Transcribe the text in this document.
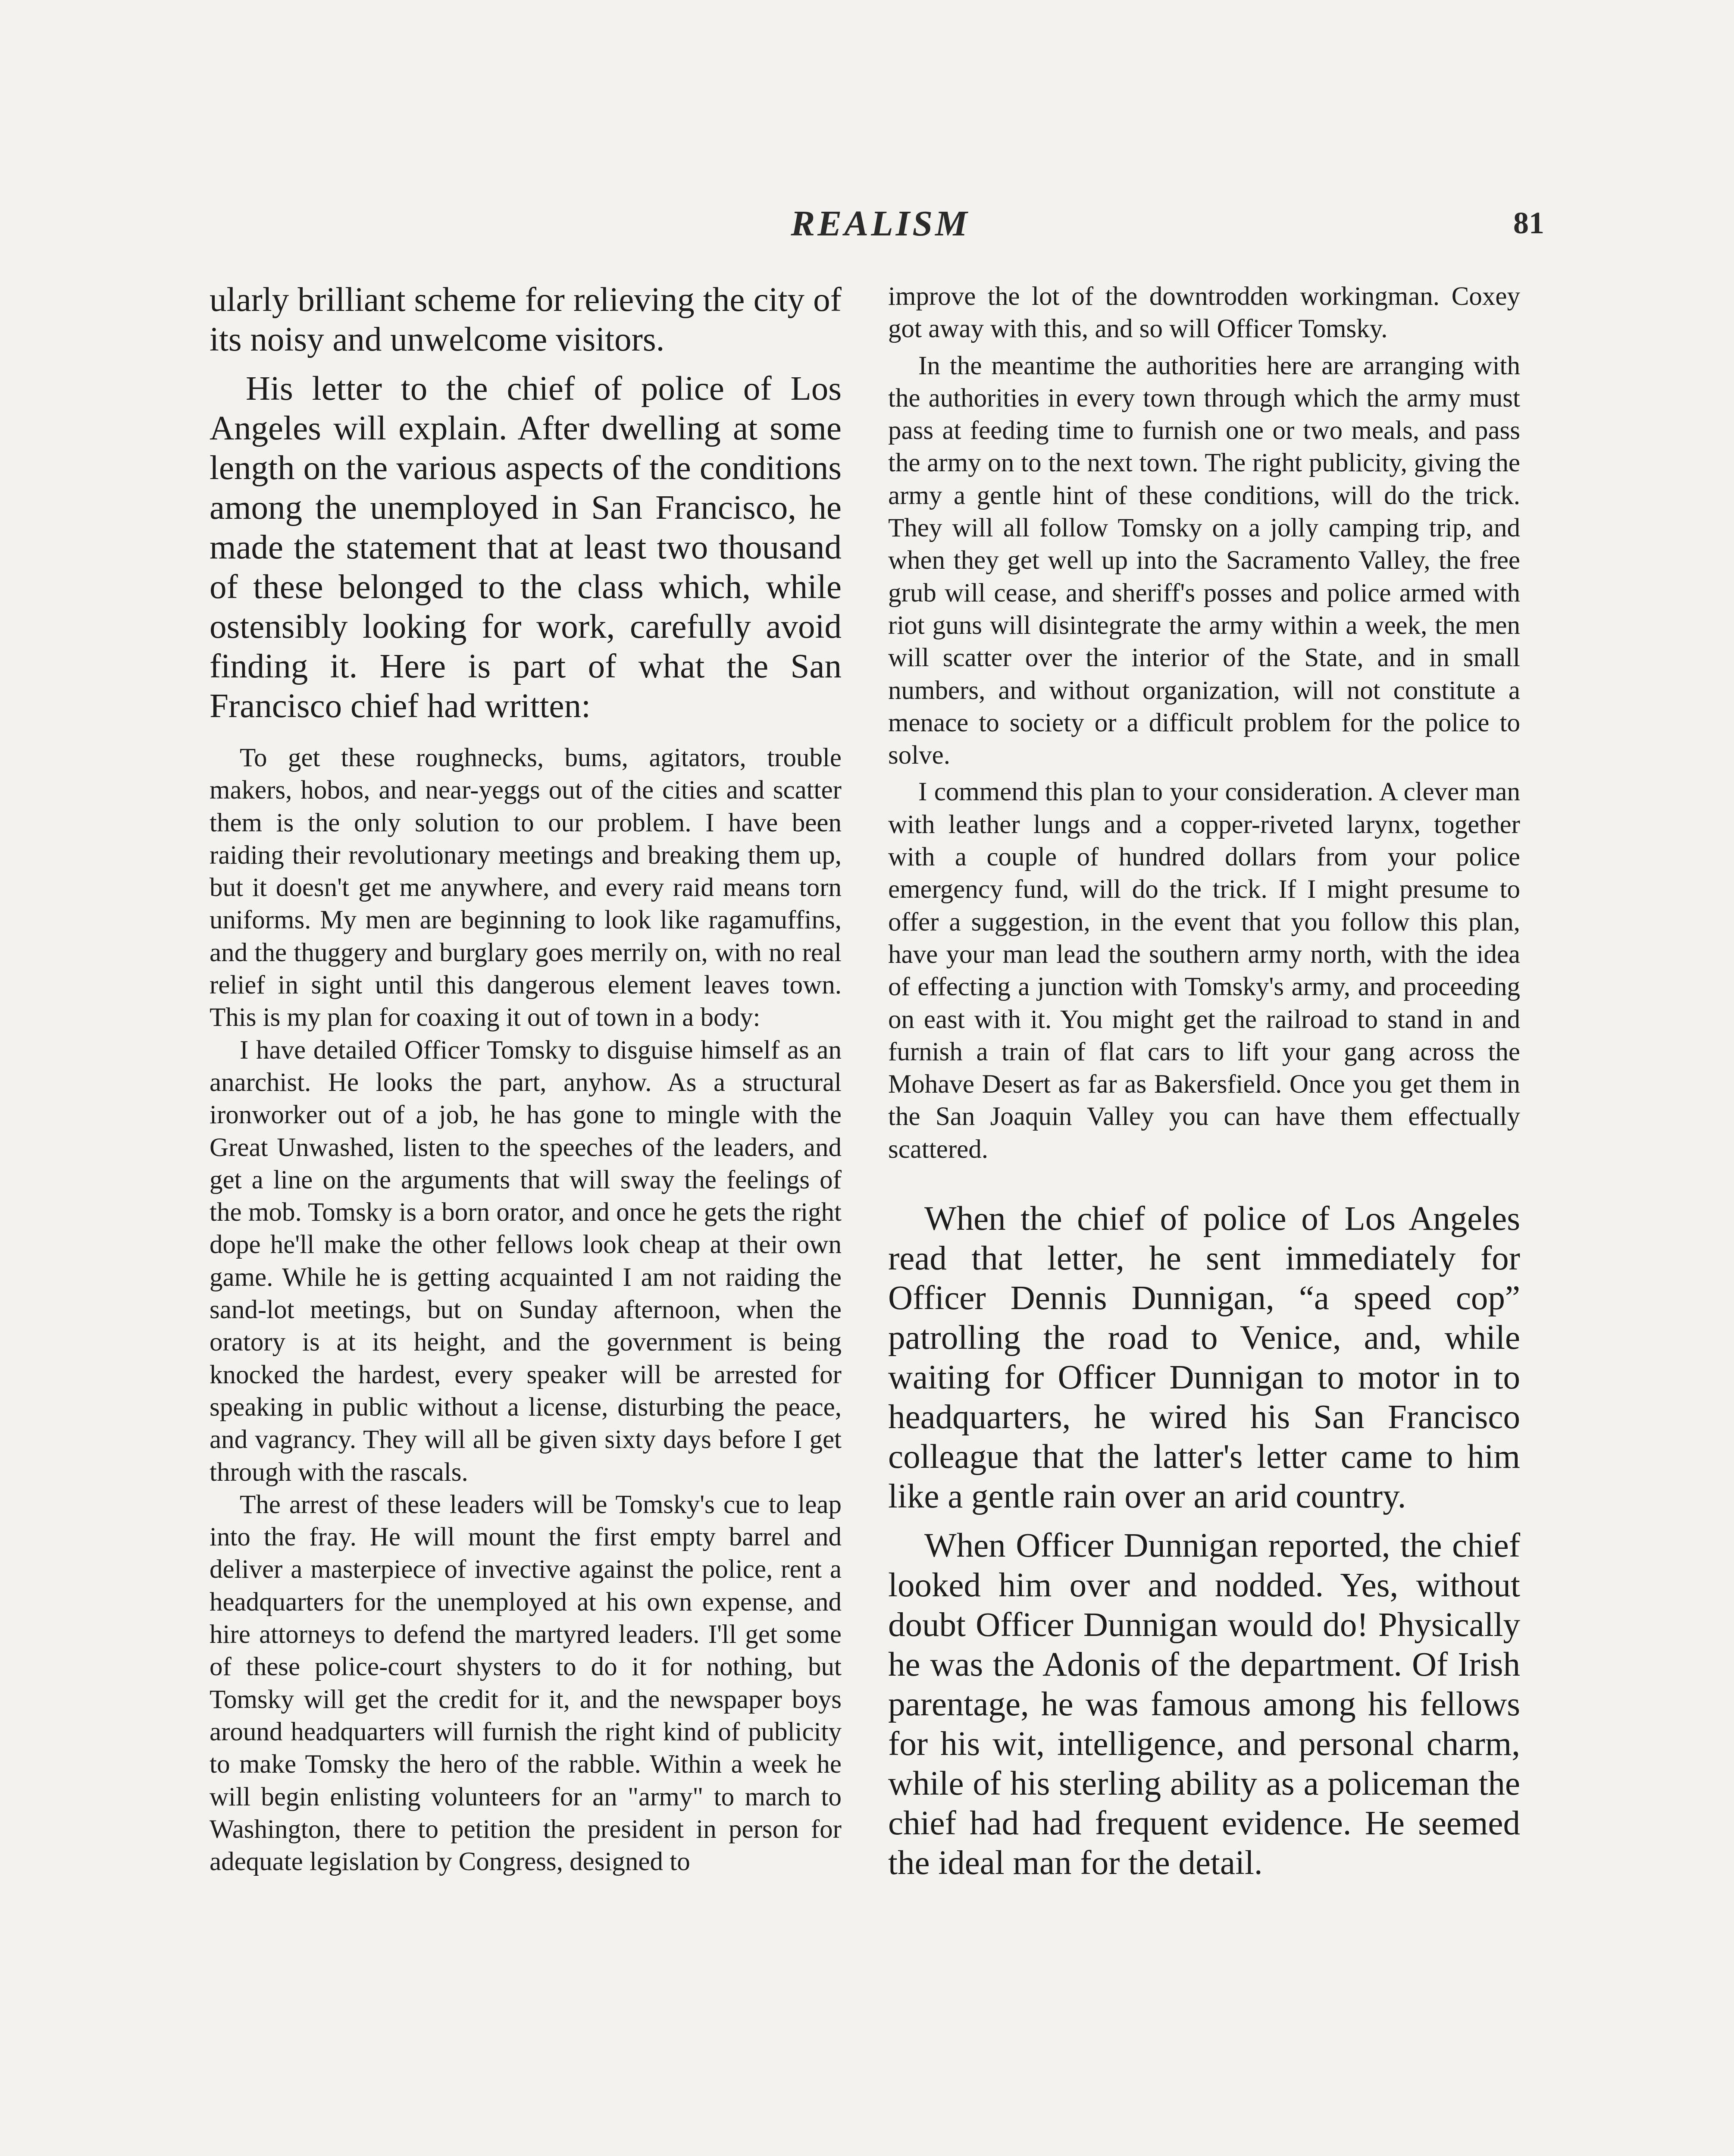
REALISM	81

ularly brilliant scheme for relieving the city of its noisy and unwelcome visitors.

His letter to the chief of police of Los Angeles will explain. After dwelling at some length on the various aspects of the conditions among the unemployed in San Francisco, he made the statement that at least two thousand of these belonged to the class which, while ostensibly looking for work, carefully avoid finding it. Here is part of what the San Francisco chief had written:

To get these roughnecks, bums, agitators, trouble makers, hobos, and near-yeggs out of the cities and scatter them is the only solution to our problem. I have been raiding their revolutionary meetings and breaking them up, but it doesn't get me anywhere, and every raid means torn uniforms. My men are beginning to look like ragamuffins, and the thuggery and burglary goes merrily on, with no real relief in sight until this dangerous element leaves town. This is my plan for coaxing it out of town in a body:

I have detailed Officer Tomsky to disguise himself as an anarchist. He looks the part, anyhow. As a structural ironworker out of a job, he has gone to mingle with the Great Unwashed, listen to the speeches of the leaders, and get a line on the arguments that will sway the feelings of the mob. Tomsky is a born orator, and once he gets the right dope he'll make the other fellows look cheap at their own game. While he is getting acquainted I am not raiding the sand-lot meetings, but on Sunday afternoon, when the oratory is at its height, and the government is being knocked the hardest, every speaker will be arrested for speaking in public without a license, disturbing the peace, and vagrancy. They will all be given sixty days before I get through with the rascals.

The arrest of these leaders will be Tomsky's cue to leap into the fray. He will mount the first empty barrel and deliver a masterpiece of invective against the police, rent a headquarters for the unemployed at his own expense, and hire attorneys to defend the martyred leaders. I'll get some of these police-court shysters to do it for nothing, but Tomsky will get the credit for it, and the newspaper boys around headquarters will furnish the right kind of publicity to make Tomsky the hero of the rabble. Within a week he will begin enlisting volunteers for an "army" to march to Washington, there to petition the president in person for adequate legislation by Congress, designed to

improve the lot of the downtrodden workingman. Coxey got away with this, and so will Officer Tomsky.

In the meantime the authorities here are arranging with the authorities in every town through which the army must pass at feeding time to furnish one or two meals, and pass the army on to the next town. The right publicity, giving the army a gentle hint of these conditions, will do the trick. They will all follow Tomsky on a jolly camping trip, and when they get well up into the Sacramento Valley, the free grub will cease, and sheriff's posses and police armed with riot guns will disintegrate the army within a week, the men will scatter over the interior of the State, and in small numbers, and without organization, will not constitute a menace to society or a difficult problem for the police to solve.

I commend this plan to your consideration. A clever man with leather lungs and a copper-riveted larynx, together with a couple of hundred dollars from your police emergency fund, will do the trick. If I might presume to offer a suggestion, in the event that you follow this plan, have your man lead the southern army north, with the idea of effecting a junction with Tomsky's army, and proceeding on east with it. You might get the railroad to stand in and furnish a train of flat cars to lift your gang across the Mohave Desert as far as Bakersfield. Once you get them in the San Joaquin Valley you can have them effectually scattered.

When the chief of police of Los Angeles read that letter, he sent immediately for Officer Dennis Dunnigan, “a speed cop” patrolling the road to Venice, and, while waiting for Officer Dunnigan to motor in to headquarters, he wired his San Francisco colleague that the latter's letter came to him like a gentle rain over an arid country.

When Officer Dunnigan reported, the chief looked him over and nodded. Yes, without doubt Officer Dunnigan would do! Physically he was the Adonis of the department. Of Irish parentage, he was famous among his fellows for his wit, intelligence, and personal charm, while of his sterling ability as a policeman the chief had had frequent evidence. He seemed the ideal man for the detail.
